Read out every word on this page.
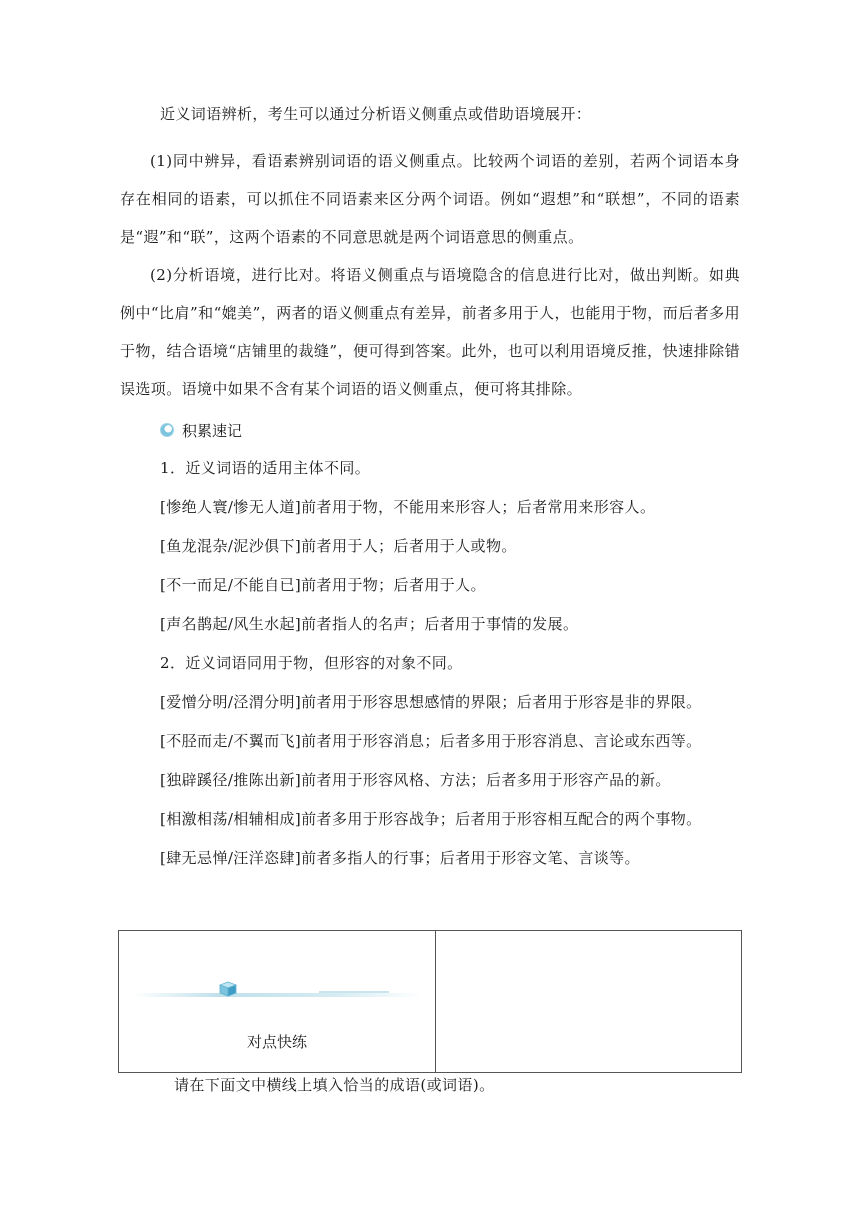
近义词语辨析，考生可以通过分析语义侧重点或借助语境展开：

(1)同中辨异，看语素辨别词语的语义侧重点。比较两个词语的差别，若两个词语本身存在相同的语素，可以抓住不同语素来区分两个词语。例如“遐想”和“联想”，不同的语素是“遐”和“联”，这两个语素的不同意思就是两个词语意思的侧重点。

(2)分析语境，进行比对。将语义侧重点与语境隐含的信息进行比对，做出判断。如典例中“比肩”和“媲美”，两者的语义侧重点有差异，前者多用于人，也能用于物，而后者多用于物，结合语境“店铺里的裁缝”，便可得到答案。此外，也可以利用语境反推，快速排除错误选项。语境中如果不含有某个词语的语义侧重点，便可将其排除。

积累速记

1．近义词语的适用主体不同。

[惨绝人寰/惨无人道]前者用于物，不能用来形容人；后者常用来形容人。

[鱼龙混杂/泥沙俱下]前者用于人；后者用于人或物。

[不一而足/不能自已]前者用于物；后者用于人。

[声名鹊起/风生水起]前者指人的名声；后者用于事情的发展。

2．近义词语同用于物，但形容的对象不同。

[爱憎分明/泾渭分明]前者用于形容思想感情的界限；后者用于形容是非的界限。

[不胫而走/不翼而飞]前者用于形容消息；后者多用于形容消息、言论或东西等。

[独辟蹊径/推陈出新]前者用于形容风格、方法；后者多用于形容产品的新。

[相激相荡/相辅相成]前者多用于形容战争；后者用于形容相互配合的两个事物。

[肆无忌惮/汪洋恣肆]前者多指人的行事；后者用于形容文笔、言谈等。

对点快练

请在下面文中横线上填入恰当的成语(或词语)。
